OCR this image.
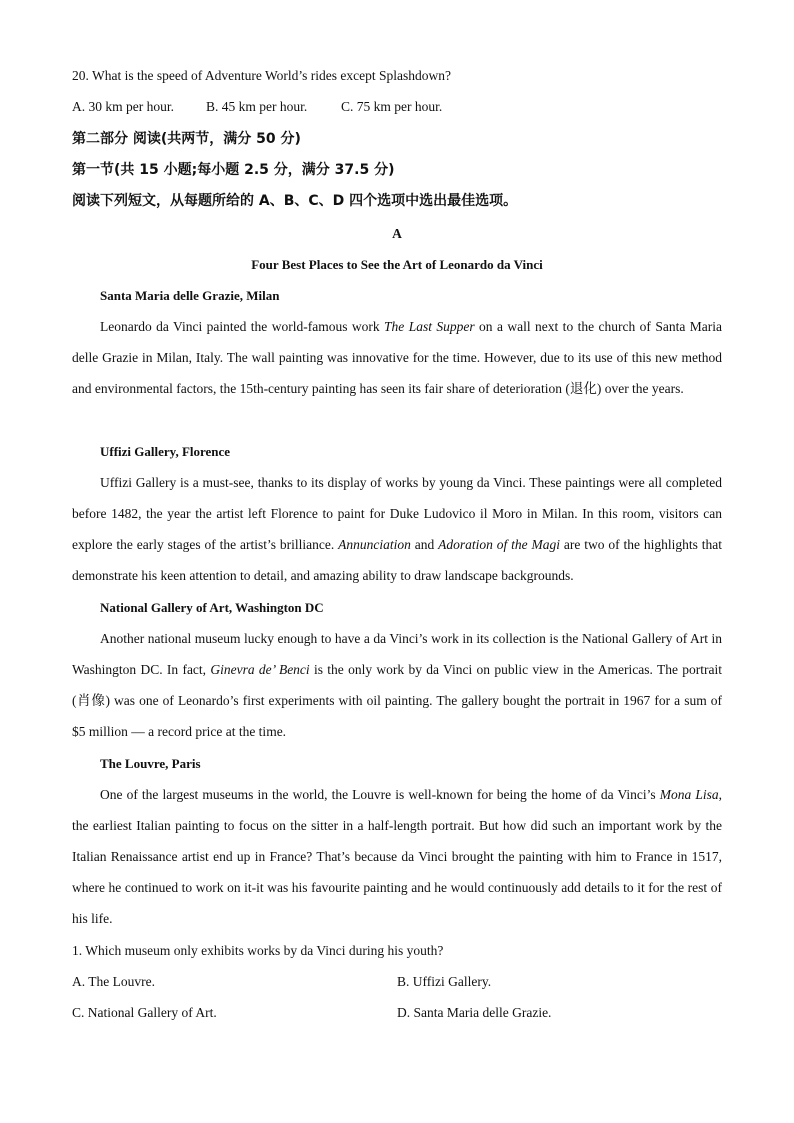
20. What is the speed of Adventure World’s rides except Splashdown?
A. 30 km per hour. B. 45 km per hour.	C. 75 km per hour.
第二部分 阅读(共两节，满分 50 分)
第一节(共 15 小题;每小题 2.5 分，满分 37.5 分)
阅读下列短文，从每题所给的 A、B、C、D 四个选项中选出最佳选项。
A
Four Best Places to See the Art of Leonardo da Vinci
Santa Maria delle Grazie, Milan
Leonardo da Vinci painted the world-famous work The Last Supper on a wall next to the church of Santa Maria delle Grazie in Milan, Italy. The wall painting was innovative for the time. However, due to its use of this new method and environmental factors, the 15th-century painting has seen its fair share of deterioration (退化) over the years.
Uffizi Gallery, Florence
Uffizi Gallery is a must-see, thanks to its display of works by young da Vinci. These paintings were all completed before 1482, the year the artist left Florence to paint for Duke Ludovico il Moro in Milan. In this room, visitors can explore the early stages of the artist’s brilliance. Annunciation and Adoration of the Magi are two of the highlights that demonstrate his keen attention to detail, and amazing ability to draw landscape backgrounds.
National Gallery of Art, Washington DC
Another national museum lucky enough to have a da Vinci’s work in its collection is the National Gallery of Art in Washington DC. In fact, Ginevra de’ Benci is the only work by da Vinci on public view in the Americas. The portrait (肖像) was one of Leonardo’s first experiments with oil painting. The gallery bought the portrait in 1967 for a sum of $5 million — a record price at the time.
The Louvre, Paris
One of the largest museums in the world, the Louvre is well-known for being the home of da Vinci’s Mona Lisa, the earliest Italian painting to focus on the sitter in a half-length portrait. But how did such an important work by the Italian Renaissance artist end up in France? That’s because da Vinci brought the painting with him to France in 1517, where he continued to work on it-it was his favourite painting and he would continuously add details to it for the rest of his life.
1. Which museum only exhibits works by da Vinci during his youth?
A. The Louvre.	B. Uffizi Gallery.
C. National Gallery of Art.	D. Santa Maria delle Grazie.
